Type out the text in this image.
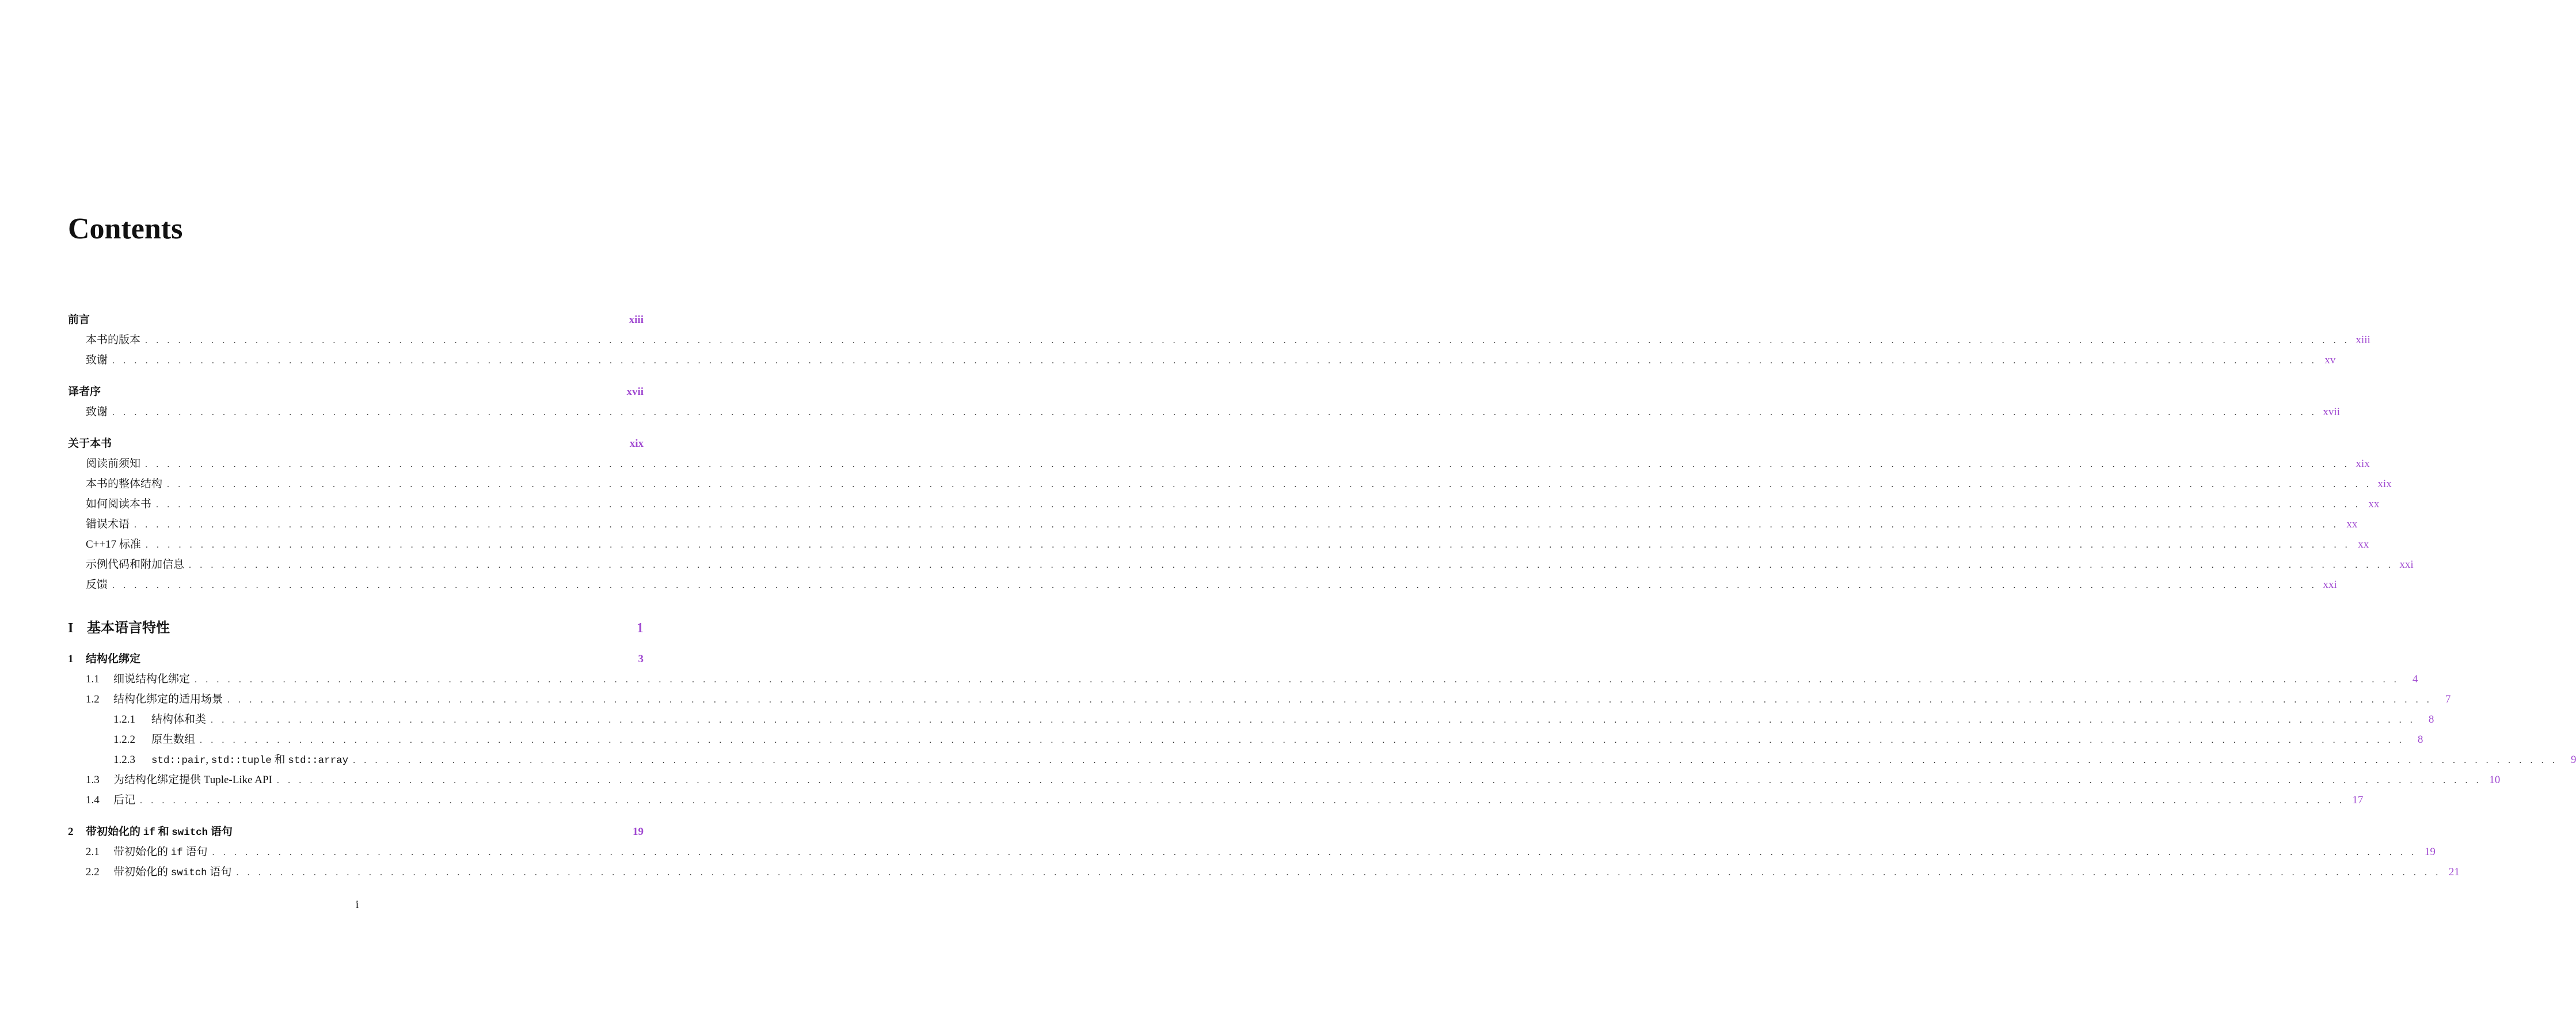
Contents
前言	xiii
本书的版本 . . . . . . . . . . . . . . . . . . . . . . . . . . . . . . . . . . . . . . . . . . . . . . . . . . . . . . . . . . . . . . . . . . . . . . . . . . . . . . . . . . . . . . . . . . . . . . . . . . . . . . . . . . . . . . . . . . . . . . . . . . . . . . . . . . . . . . . . . . . . . . . . . . . . . . . . . . . . . . . . . . . . . . . . . . . . . . . . . . . . . . . . . . . . . . . . . . . . . . . . xiii
致谢 . . . . . . . . . . . . . . . . . . . . . . . . . . . . . . . . . . . . . . . . . . . . . . . . . . . . . . . . . . . . . . . . . . . . . . . . . . . . . . . . . . . . . . . . . . . . . . . . . . . . . . . . . . . . . . . . . . . . . . . . . . . . . . . . . . . . . . . . . . . . . . . . . . . . . . . . . . . . . . . . . . . . . . . . . . . . . . . . . . . . . . . . . . . . . . . . . . . . . . . . xv
译者序	xvii
致谢 . . . . . . . . . . . . . . . . . . . . . . . . . . . . . . . . . . . . . . . . . . . . . . . . . . . . . . . . . . . . . . . . . . . . . . . . . . . . . . . . . . . . . . . . . . . . . . . . . . . . . . . . . . . . . . . . . . . . . . . . . . . . . . . . . . . . . . . . . . . . . . . . . . . . . . . . . . . . . . . . . . . . . . . . . . . . . . . . . . . . . . . . . . . . . . . . . . . . . . . . xvii
关于本书	xix
阅读前须知 . . . . . . . . . . . . . . . . . . . . . . . . . . . . . . . . . . . . . . . . . . . . . . . . . . . . . . . . . . . . . . . . . . . . . . . . . . . . . . . . . . . . . . . . . . . . . . . . . . . . . . . . . . . . . . . . . . . . . . . . . . . . . . . . . . . . . . . . . . . . . . . . . . . . . . . . . . . . . . . . . . . . . . . . . . . . . . . . . . . . . . . . . . . . . . . . . . . . . . . . xix
本书的整体结构 . . . . . . . . . . . . . . . . . . . . . . . . . . . . . . . . . . . . . . . . . . . . . . . . . . . . . . . . . . . . . . . . . . . . . . . . . . . . . . . . . . . . . . . . . . . . . . . . . . . . . . . . . . . . . . . . . . . . . . . . . . . . . . . . . . . . . . . . . . . . . . . . . . . . . . . . . . . . . . . . . . . . . . . . . . . . . . . . . . . . . . . . . . . . . . . . . . . . . . . . xix
如何阅读本书 . . . . . . . . . . . . . . . . . . . . . . . . . . . . . . . . . . . . . . . . . . . . . . . . . . . . . . . . . . . . . . . . . . . . . . . . . . . . . . . . . . . . . . . . . . . . . . . . . . . . . . . . . . . . . . . . . . . . . . . . . . . . . . . . . . . . . . . . . . . . . . . . . . . . . . . . . . . . . . . . . . . . . . . . . . . . . . . . . . . . . . . . . . . . . . . . . . . . . . . . xx
错误术语 . . . . . . . . . . . . . . . . . . . . . . . . . . . . . . . . . . . . . . . . . . . . . . . . . . . . . . . . . . . . . . . . . . . . . . . . . . . . . . . . . . . . . . . . . . . . . . . . . . . . . . . . . . . . . . . . . . . . . . . . . . . . . . . . . . . . . . . . . . . . . . . . . . . . . . . . . . . . . . . . . . . . . . . . . . . . . . . . . . . . . . . . . . . . . . . . . . . . . . . . xx
C++17 标准 . . . . . . . . . . . . . . . . . . . . . . . . . . . . . . . . . . . . . . . . . . . . . . . . . . . . . . . . . . . . . . . . . . . . . . . . . . . . . . . . . . . . . . . . . . . . . . . . . . . . . . . . . . . . . . . . . . . . . . . . . . . . . . . . . . . . . . . . . . . . . . . . . . . . . . . . . . . . . . . . . . . . . . . . . . . . . . . . . . . . . . . . . . . . . . . . . . . . . . . . xx
示例代码和附加信息 . . . . . . . . . . . . . . . . . . . . . . . . . . . . . . . . . . . . . . . . . . . . . . . . . . . . . . . . . . . . . . . . . . . . . . . . . . . . . . . . . . . . . . . . . . . . . . . . . . . . . . . . . . . . . . . . . . . . . . . . . . . . . . . . . . . . . . . . . . . . . . . . . . . . . . . . . . . . . . . . . . . . . . . . . . . . . . . . . . . . . . . . . . . . . . . . . . . . . . . . xxi
反馈 . . . . . . . . . . . . . . . . . . . . . . . . . . . . . . . . . . . . . . . . . . . . . . . . . . . . . . . . . . . . . . . . . . . . . . . . . . . . . . . . . . . . . . . . . . . . . . . . . . . . . . . . . . . . . . . . . . . . . . . . . . . . . . . . . . . . . . . . . . . . . . . . . . . . . . . . . . . . . . . . . . . . . . . . . . . . . . . . . . . . . . . . . . . . . . . . . . . . . . . . xxi
I 基本语言特性	1
1	结构化绑定	3
1.1	细说结构化绑定 . . . . . . . . . . . . . . . . . . . . . . . . . . . . . . . . . . . . . . . . . . . . . . . . . . . . . . . . . . . . . . . . . . . . . . . . . . . . . . . . . . . . . . . . . . . . . . . . . . . . . . . . . . . . . . . . . . . . . . . . . . . . . . . . . . . . . . . . . . . . . . . . . . . . . . . . . . . . . . . . . . . . . . . . . . . . . . . . . . . . . . . . . . . . . . . . . . . . . . . .	4
1.2	结构化绑定的适用场景 . . . . . . . . . . . . . . . . . . . . . . . . . . . . . . . . . . . . . . . . . . . . . . . . . . . . . . . . . . . . . . . . . . . . . . . . . . . . . . . . . . . . . . . . . . . . . . . . . . . . . . . . . . . . . . . . . . . . . . . . . . . . . . . . . . . . . . . . . . . . . . . . . . . . . . . . . . . . . . . . . . . . . . . . . . . . . . . . . . . . . . . . . . . . . . . . . . . . . . . .	7
1.2.1	结构体和类 . . . . . . . . . . . . . . . . . . . . . . . . . . . . . . . . . . . . . . . . . . . . . . . . . . . . . . . . . . . . . . . . . . . . . . . . . . . . . . . . . . . . . . . . . . . . . . . . . . . . . . . . . . . . . . . . . . . . . . . . . . . . . . . . . . . . . . . . . . . . . . . . . . . . . . . . . . . . . . . . . . . . . . . . . . . . . . . . . . . . . . . . . . . . . . . . . . . . . . . .	8
1.2.2	原生数组 . . . . . . . . . . . . . . . . . . . . . . . . . . . . . . . . . . . . . . . . . . . . . . . . . . . . . . . . . . . . . . . . . . . . . . . . . . . . . . . . . . . . . . . . . . . . . . . . . . . . . . . . . . . . . . . . . . . . . . . . . . . . . . . . . . . . . . . . . . . . . . . . . . . . . . . . . . . . . . . . . . . . . . . . . . . . . . . . . . . . . . . . . . . . . . . . . . . . . . . .	8
1.2.3	std::pair, std::tuple 和 std::array . . . . . . . . . . . . . . . . . . . . . . . . . . . . . . . . . . . . . . . . . . . . . . . . . . . . . . . . . . . . . . . . . . . . . . . . . . . . . . . . . . . . . . . . . . . . . . . . . . . . . . . . . . . . . . . . . . . . . . . . . . . . . . . . . . . . . . . . . . . . . . . . . . . . . . . . . . . . . . . . . . . . . . . . . . . . . . . . . . . . . . . . . . . . . . . . . . . . . . . .	9
1.3	为结构化绑定提供 Tuple-Like API . . . . . . . . . . . . . . . . . . . . . . . . . . . . . . . . . . . . . . . . . . . . . . . . . . . . . . . . . . . . . . . . . . . . . . . . . . . . . . . . . . . . . . . . . . . . . . . . . . . . . . . . . . . . . . . . . . . . . . . . . . . . . . . . . . . . . . . . . . . . . . . . . . . . . . . . . . . . . . . . . . . . . . . . . . . . . . . . . . . . . . . . . . . . . . . . . . . . . . . . 10
1.4	后记 . . . . . . . . . . . . . . . . . . . . . . . . . . . . . . . . . . . . . . . . . . . . . . . . . . . . . . . . . . . . . . . . . . . . . . . . . . . . . . . . . . . . . . . . . . . . . . . . . . . . . . . . . . . . . . . . . . . . . . . . . . . . . . . . . . . . . . . . . . . . . . . . . . . . . . . . . . . . . . . . . . . . . . . . . . . . . . . . . . . . . . . . . . . . . . . . . . . . . . . . 17
2	带初始化的 if 和 switch 语句	19
2.1	带初始化的 if 语句 . . . . . . . . . . . . . . . . . . . . . . . . . . . . . . . . . . . . . . . . . . . . . . . . . . . . . . . . . . . . . . . . . . . . . . . . . . . . . . . . . . . . . . . . . . . . . . . . . . . . . . . . . . . . . . . . . . . . . . . . . . . . . . . . . . . . . . . . . . . . . . . . . . . . . . . . . . . . . . . . . . . . . . . . . . . . . . . . . . . . . . . . . . . . . . . . . . . . . . . . 19
2.2	带初始化的 switch 语句 . . . . . . . . . . . . . . . . . . . . . . . . . . . . . . . . . . . . . . . . . . . . . . . . . . . . . . . . . . . . . . . . . . . . . . . . . . . . . . . . . . . . . . . . . . . . . . . . . . . . . . . . . . . . . . . . . . . . . . . . . . . . . . . . . . . . . . . . . . . . . . . . . . . . . . . . . . . . . . . . . . . . . . . . . . . . . . . . . . . . . . . . . . . . . . . . . . . . . . . . 21
i
